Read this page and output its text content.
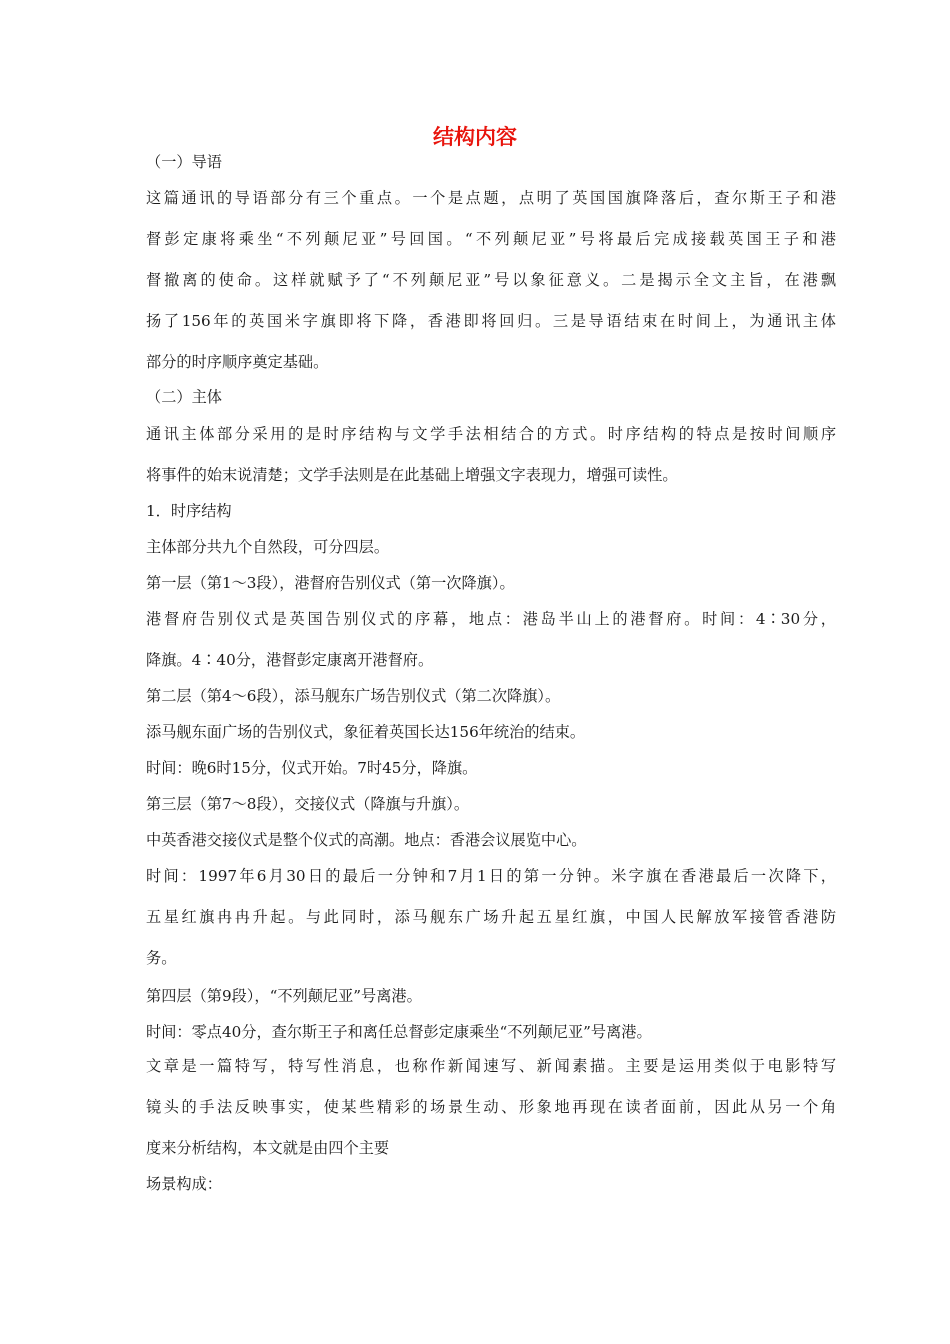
结构内容
（一）导语
这篇通讯的导语部分有三个重点。一个是点题，点明了英国国旗降落后，查尔斯王子和港
督彭定康将乘坐“不列颠尼亚”号回国。“不列颠尼亚”号将最后完成接载英国王子和港
督撤离的使命。这样就赋予了“不列颠尼亚”号以象征意义。二是揭示全文主旨，在港飘
扬了156年的英国米字旗即将下降，香港即将回归。三是导语结束在时间上，为通讯主体
部分的时序顺序奠定基础。
（二）主体
通讯主体部分采用的是时序结构与文学手法相结合的方式。时序结构的特点是按时间顺序
将事件的始末说清楚；文学手法则是在此基础上增强文字表现力，增强可读性。
1．时序结构
主体部分共九个自然段，可分四层。
第一层（第1～3段），港督府告别仪式（第一次降旗）。
港督府告别仪式是英国告别仪式的序幕，地点：港岛半山上的港督府。时间：4∶30分，
降旗。4∶40分，港督彭定康离开港督府。
第二层（第4～6段），添马舰东广场告别仪式（第二次降旗）。
添马舰东面广场的告别仪式，象征着英国长达156年统治的结束。
时间：晚6时15分，仪式开始。7时45分，降旗。
第三层（第7～8段），交接仪式（降旗与升旗）。
中英香港交接仪式是整个仪式的高潮。地点：香港会议展览中心。
时间：1997年6月30日的最后一分钟和7月1日的第一分钟。米字旗在香港最后一次降下，
五星红旗冉冉升起。与此同时，添马舰东广场升起五星红旗，中国人民解放军接管香港防
务。
第四层（第9段），“不列颠尼亚”号离港。
时间：零点40分，查尔斯王子和离任总督彭定康乘坐“不列颠尼亚”号离港。
文章是一篇特写，特写性消息，也称作新闻速写、新闻素描。主要是运用类似于电影特写
镜头的手法反映事实，使某些精彩的场景生动、形象地再现在读者面前，因此从另一个角
度来分析结构，本文就是由四个主要
场景构成：
